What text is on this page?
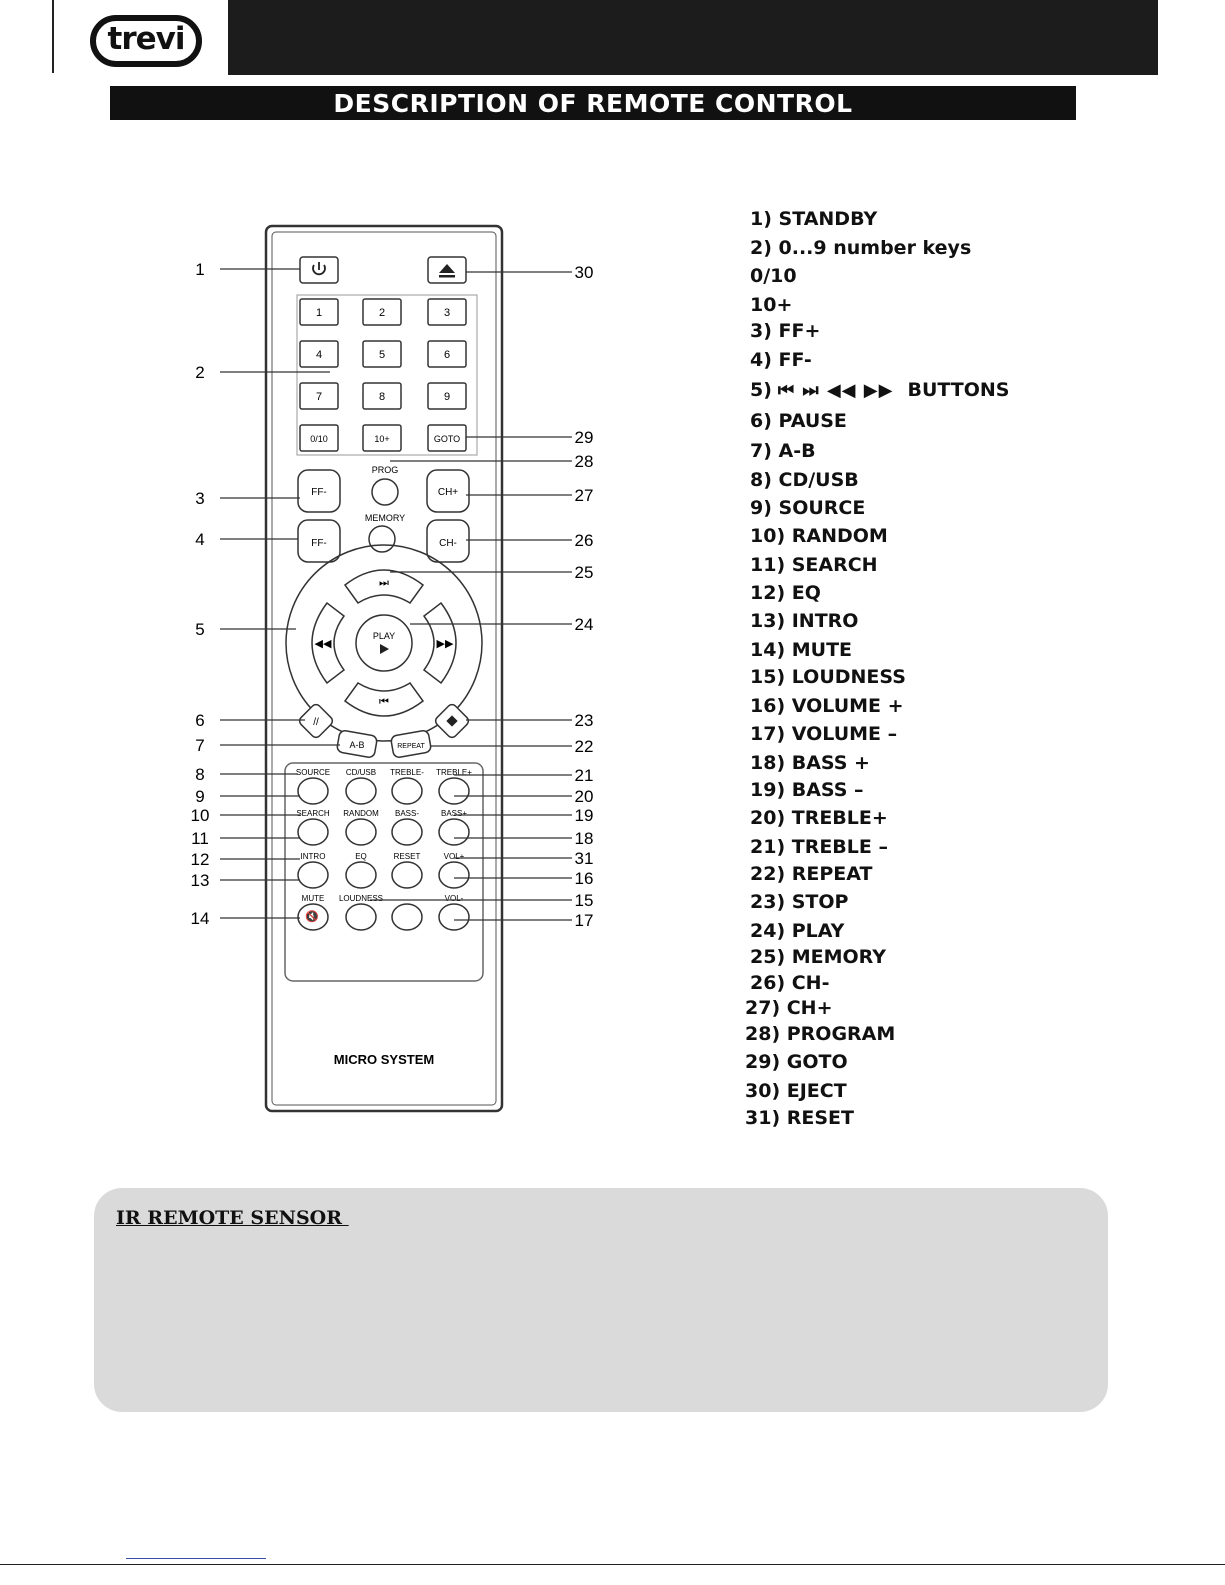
trevi
DESCRIPTION OF REMOTE CONTROL
1	2	3
4	5	6
7	8	9
0/10	10+	GOTO
FF-
FF-
CH+
CH-
PROG
MEMORY
⏭
⏮
◀◀	▶▶
PLAY
//
A-B	REPEAT
SOURCE CD/USB TREBLE- TREBLE+
SEARCH RANDOM BASS-	BASS+
INTRO	EQ	RESET	VOL+
MUTE LOUDNESS	VOL-
🔇
MICRO SYSTEM
1
2
3
4
5
6
7
8
9
10
11
12
13
14
30
29
28
27
26
25
24
23
22
21
20
19
18
31
16
15
17
1) STANDBY
2) 0...9 number keys
0/10
10+
3) FF+
4) FF-
5) ⏮ ⏭ ◀◀ ▶▶ BUTTONS
6) PAUSE
7) A-B
8) CD/USB
9) SOURCE
10) RANDOM
11) SEARCH
12) EQ
13) INTRO
14) MUTE
15) LOUDNESS
16) VOLUME +
17) VOLUME –
18) BASS +
19) BASS –
20) TREBLE+
21) TREBLE –
22) REPEAT
23) STOP
24) PLAY
25) MEMORY
26) CH-
27) CH+
28) PROGRAM
29) GOTO
30) EJECT
31) RESET
IR REMOTE SENSOR
